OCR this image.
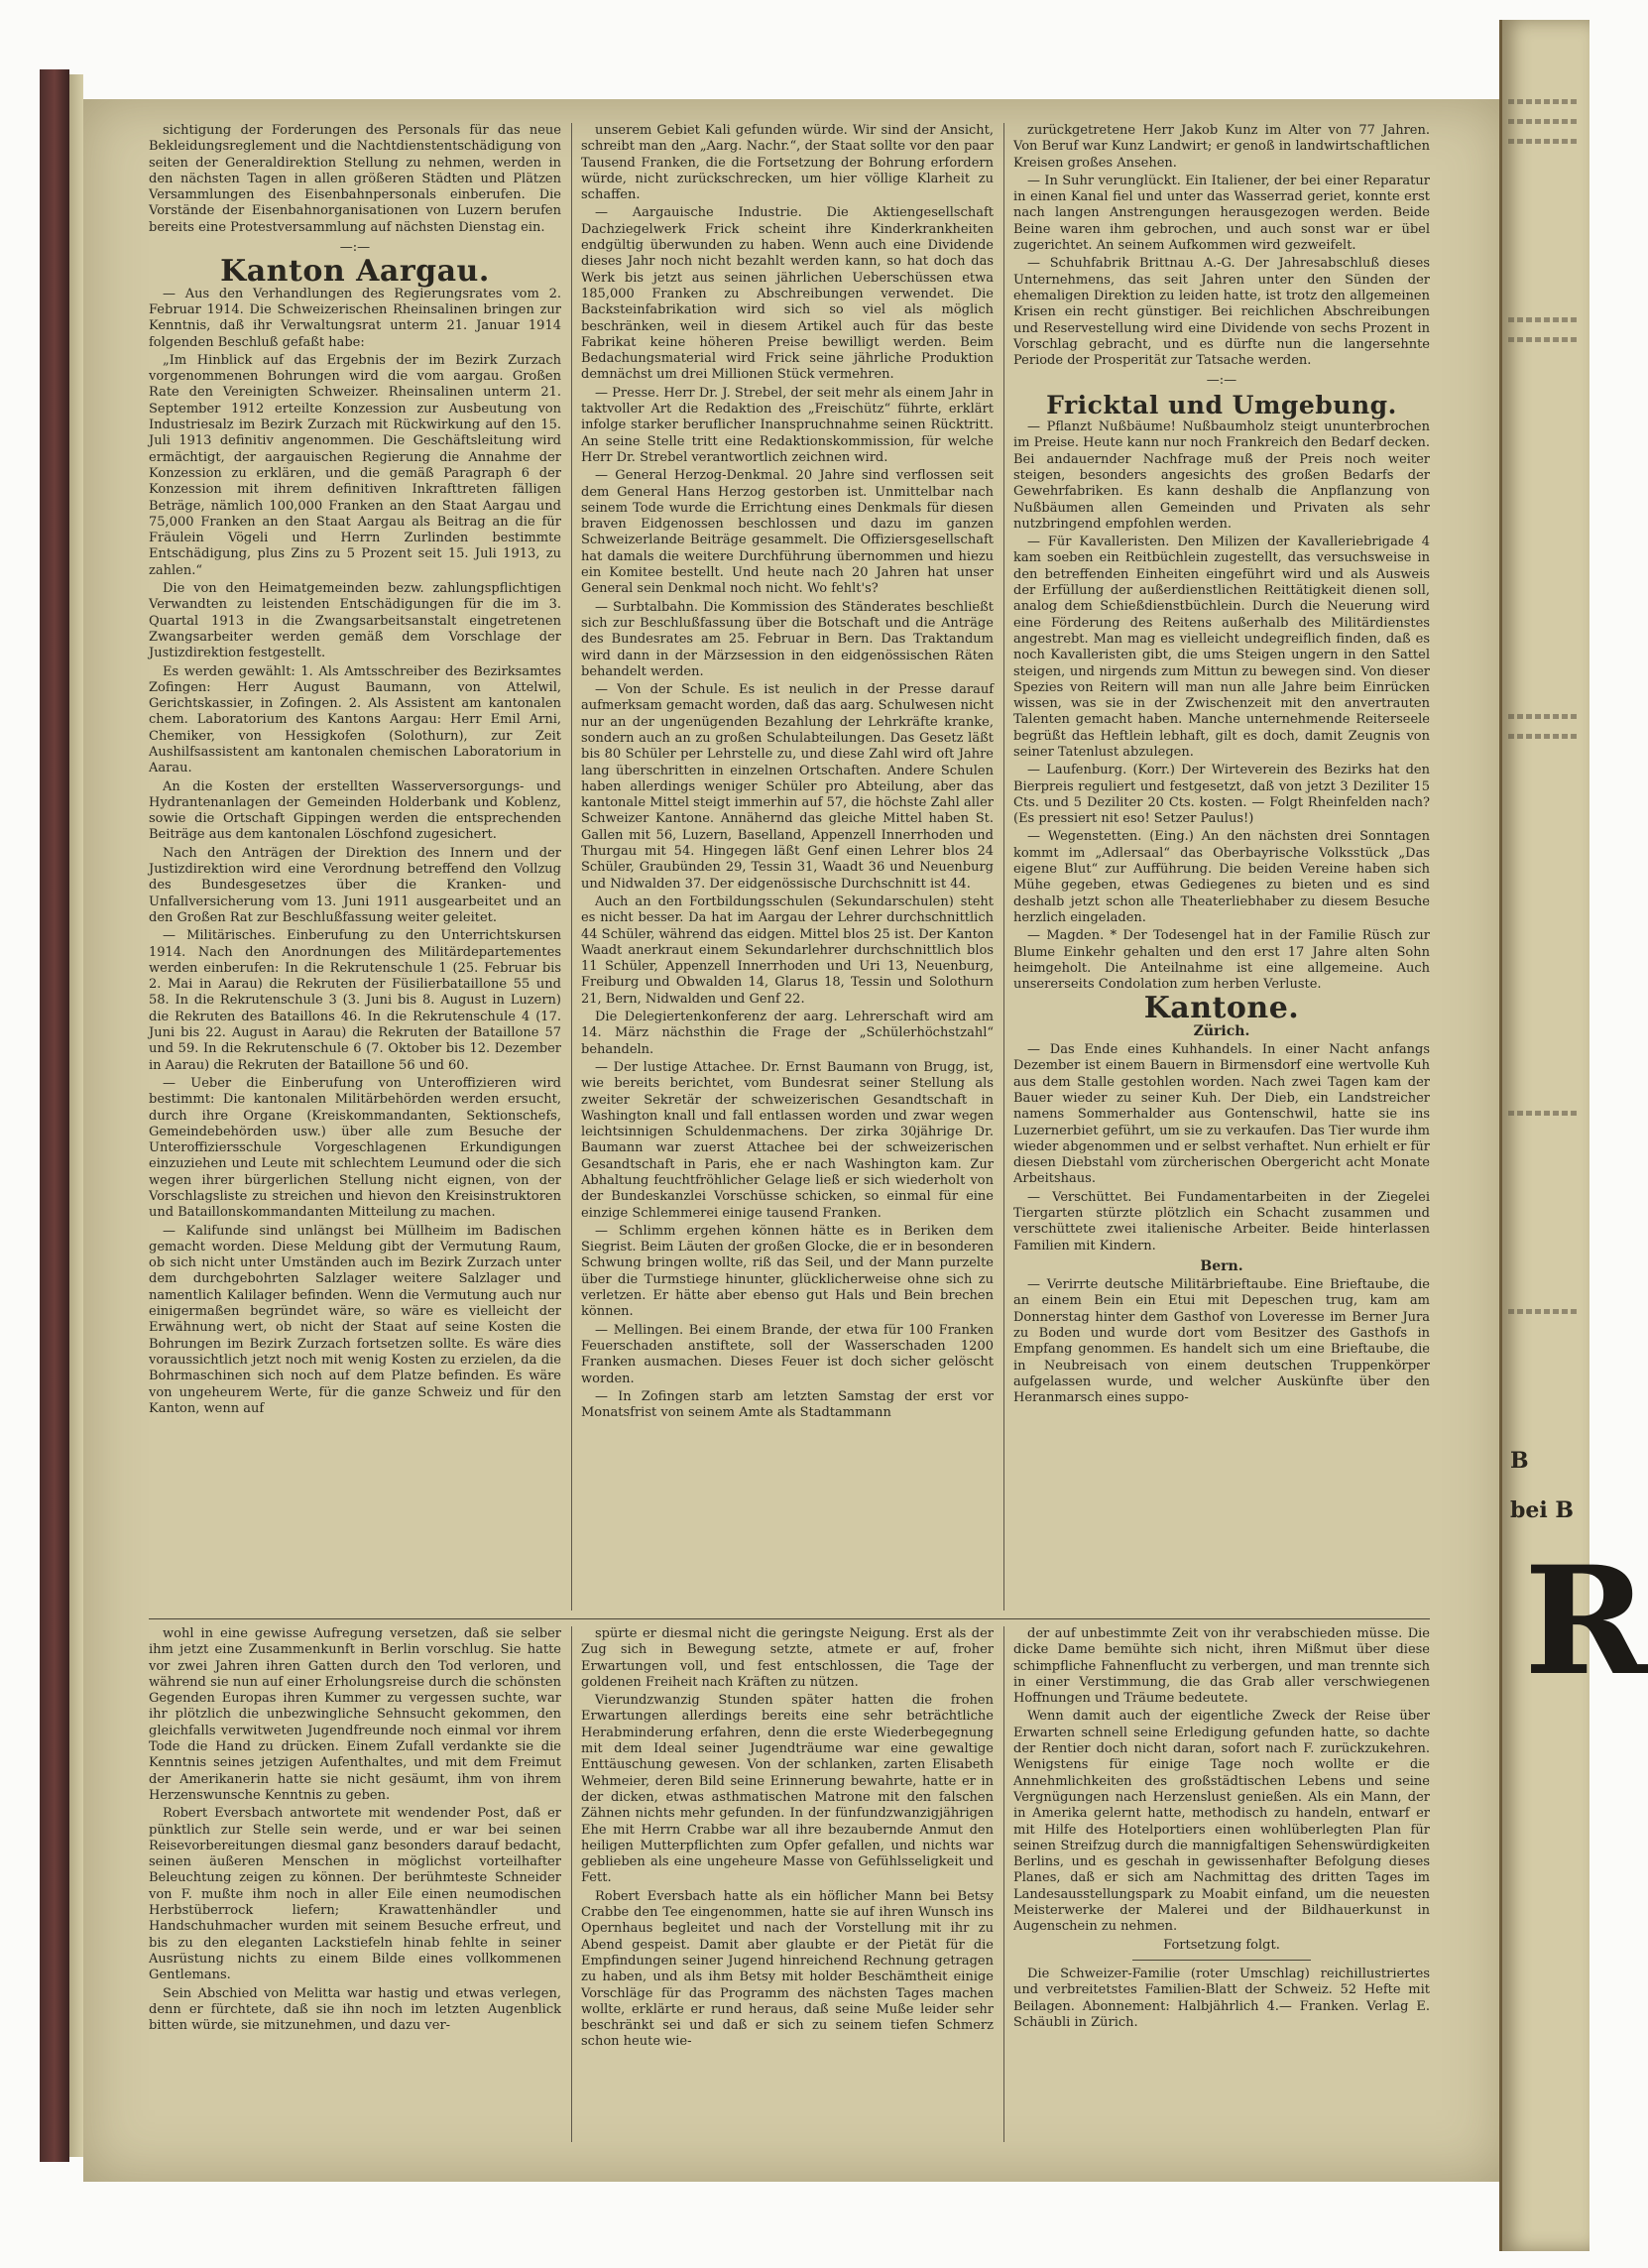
sichtigung der Forderungen des Personals für das neue Bekleidungsreglement und die Nachtdienstentschädigung von seiten der Generaldirektion Stellung zu nehmen, werden in den nächsten Tagen in allen größeren Städten und Plätzen Versammlungen des Eisenbahnpersonals einberufen. Die Vorstände der Eisenbahnorganisationen von Luzern berufen bereits eine Protestversammlung auf nächsten Dienstag ein.

—:—
Kanton Aargau.

— Aus den Verhandlungen des Regierungsrates vom 2. Februar 1914. Die Schweizerischen Rheinsalinen bringen zur Kenntnis, daß ihr Verwaltungsrat unterm 21. Januar 1914 folgenden Beschluß gefaßt habe:

„Im Hinblick auf das Ergebnis der im Bezirk Zurzach vorgenommenen Bohrungen wird die vom aargau. Großen Rate den Vereinigten Schweizer. Rheinsalinen unterm 21. September 1912 erteilte Konzession zur Ausbeutung von Industriesalz im Bezirk Zurzach mit Rückwirkung auf den 15. Juli 1913 definitiv angenommen. Die Geschäftsleitung wird ermächtigt, der aargauischen Regierung die Annahme der Konzession zu erklären, und die gemäß Paragraph 6 der Konzession mit ihrem definitiven Inkrafttreten fälligen Beträge, nämlich 100,000 Franken an den Staat Aargau und 75,000 Franken an den Staat Aargau als Beitrag an die für Fräulein Vögeli und Herrn Zurlinden bestimmte Entschädigung, plus Zins zu 5 Prozent seit 15. Juli 1913, zu zahlen.“

Die von den Heimatgemeinden bezw. zahlungspflichtigen Verwandten zu leistenden Entschädigungen für die im 3. Quartal 1913 in die Zwangsarbeitsanstalt eingetretenen Zwangsarbeiter werden gemäß dem Vorschlage der Justizdirektion festgestellt.

Es werden gewählt: 1. Als Amtsschreiber des Bezirksamtes Zofingen: Herr August Baumann, von Attelwil, Gerichtskassier, in Zofingen. 2. Als Assistent am kantonalen chem. Laboratorium des Kantons Aargau: Herr Emil Arni, Chemiker, von Hessigkofen (Solothurn), zur Zeit Aushilfsassistent am kantonalen chemischen Laboratorium in Aarau.

An die Kosten der erstellten Wasserversorgungs- und Hydrantenanlagen der Gemeinden Holderbank und Koblenz, sowie die Ortschaft Gippingen werden die entsprechenden Beiträge aus dem kantonalen Löschfond zugesichert.

Nach den Anträgen der Direktion des Innern und der Justizdirektion wird eine Verordnung betreffend den Vollzug des Bundesgesetzes über die Kranken- und Unfallversicherung vom 13. Juni 1911 ausgearbeitet und an den Großen Rat zur Beschlußfassung weiter geleitet.

— Militärisches. Einberufung zu den Unterrichtskursen 1914. Nach den Anordnungen des Militärdepartementes werden einberufen: In die Rekrutenschule 1 (25. Februar bis 2. Mai in Aarau) die Rekruten der Füsilierbataillone 55 und 58. In die Rekrutenschule 3 (3. Juni bis 8. August in Luzern) die Rekruten des Bataillons 46. In die Rekrutenschule 4 (17. Juni bis 22. August in Aarau) die Rekruten der Bataillone 57 und 59. In die Rekrutenschule 6 (7. Oktober bis 12. Dezember in Aarau) die Rekruten der Bataillone 56 und 60.

— Ueber die Einberufung von Unteroffizieren wird bestimmt: Die kantonalen Militärbehörden werden ersucht, durch ihre Organe (Kreiskommandanten, Sektionschefs, Gemeindebehörden usw.) über alle zum Besuche der Unteroffiziersschule Vorgeschlagenen Erkundigungen einzuziehen und Leute mit schlechtem Leumund oder die sich wegen ihrer bürgerlichen Stellung nicht eignen, von der Vorschlagsliste zu streichen und hievon den Kreisinstruktoren und Bataillonskommandanten Mitteilung zu machen.

— Kalifunde sind unlängst bei Müllheim im Badischen gemacht worden. Diese Meldung gibt der Vermutung Raum, ob sich nicht unter Umständen auch im Bezirk Zurzach unter dem durchgebohrten Salzlager weitere Salzlager und namentlich Kalilager befinden. Wenn die Vermutung auch nur einigermaßen begründet wäre, so wäre es vielleicht der Erwähnung wert, ob nicht der Staat auf seine Kosten die Bohrungen im Bezirk Zurzach fortsetzen sollte. Es wäre dies voraussichtlich jetzt noch mit wenig Kosten zu erzielen, da die Bohrmaschinen sich noch auf dem Platze befinden. Es wäre von ungeheurem Werte, für die ganze Schweiz und für den Kanton, wenn auf

unserem Gebiet Kali gefunden würde. Wir sind der Ansicht, schreibt man den „Aarg. Nachr.“, der Staat sollte vor den paar Tausend Franken, die die Fortsetzung der Bohrung erfordern würde, nicht zurückschrecken, um hier völlige Klarheit zu schaffen.

— Aargauische Industrie. Die Aktiengesellschaft Dachziegelwerk Frick scheint ihre Kinderkrankheiten endgültig überwunden zu haben. Wenn auch eine Dividende dieses Jahr noch nicht bezahlt werden kann, so hat doch das Werk bis jetzt aus seinen jährlichen Ueberschüssen etwa 185,000 Franken zu Abschreibungen verwendet. Die Backsteinfabrikation wird sich so viel als möglich beschränken, weil in diesem Artikel auch für das beste Fabrikat keine höheren Preise bewilligt werden. Beim Bedachungsmaterial wird Frick seine jährliche Produktion demnächst um drei Millionen Stück vermehren.

— Presse. Herr Dr. J. Strebel, der seit mehr als einem Jahr in taktvoller Art die Redaktion des „Freischütz“ führte, erklärt infolge starker beruflicher Inanspruchnahme seinen Rücktritt. An seine Stelle tritt eine Redaktionskommission, für welche Herr Dr. Strebel verantwortlich zeichnen wird.

— General Herzog-Denkmal. 20 Jahre sind verflossen seit dem General Hans Herzog gestorben ist. Unmittelbar nach seinem Tode wurde die Errichtung eines Denkmals für diesen braven Eidgenossen beschlossen und dazu im ganzen Schweizerlande Beiträge gesammelt. Die Offiziersgesellschaft hat damals die weitere Durchführung übernommen und hiezu ein Komitee bestellt. Und heute nach 20 Jahren hat unser General sein Denkmal noch nicht. Wo fehlt's?

— Surbtalbahn. Die Kommission des Ständerates beschließt sich zur Beschlußfassung über die Botschaft und die Anträge des Bundesrates am 25. Februar in Bern. Das Traktandum wird dann in der Märzsession in den eidgenössischen Räten behandelt werden.

— Von der Schule. Es ist neulich in der Presse darauf aufmerksam gemacht worden, daß das aarg. Schulwesen nicht nur an der ungenügenden Bezahlung der Lehrkräfte kranke, sondern auch an zu großen Schulabteilungen. Das Gesetz läßt bis 80 Schüler per Lehrstelle zu, und diese Zahl wird oft Jahre lang überschritten in einzelnen Ortschaften. Andere Schulen haben allerdings weniger Schüler pro Abteilung, aber das kantonale Mittel steigt immerhin auf 57, die höchste Zahl aller Schweizer Kantone. Annähernd das gleiche Mittel haben St. Gallen mit 56, Luzern, Baselland, Appenzell Innerrhoden und Thurgau mit 54. Hingegen läßt Genf einen Lehrer blos 24 Schüler, Graubünden 29, Tessin 31, Waadt 36 und Neuenburg und Nidwalden 37. Der eidgenössische Durchschnitt ist 44.

Auch an den Fortbildungsschulen (Sekundarschulen) steht es nicht besser. Da hat im Aargau der Lehrer durchschnittlich 44 Schüler, während das eidgen. Mittel blos 25 ist. Der Kanton Waadt anerkraut einem Sekundarlehrer durchschnittlich blos 11 Schüler, Appenzell Innerrhoden und Uri 13, Neuenburg, Freiburg und Obwalden 14, Glarus 18, Tessin und Solothurn 21, Bern, Nidwalden und Genf 22.

Die Delegiertenkonferenz der aarg. Lehrerschaft wird am 14. März nächsthin die Frage der „Schülerhöchstzahl“ behandeln.

— Der lustige Attachee. Dr. Ernst Baumann von Brugg, ist, wie bereits berichtet, vom Bundesrat seiner Stellung als zweiter Sekretär der schweizerischen Gesandtschaft in Washington knall und fall entlassen worden und zwar wegen leichtsinnigen Schuldenmachens. Der zirka 30jährige Dr. Baumann war zuerst Attachee bei der schweizerischen Gesandtschaft in Paris, ehe er nach Washington kam. Zur Abhaltung feuchtfröhlicher Gelage ließ er sich wiederholt von der Bundeskanzlei Vorschüsse schicken, so einmal für eine einzige Schlemmerei einige tausend Franken.

— Schlimm ergehen können hätte es in Beriken dem Siegrist. Beim Läuten der großen Glocke, die er in besonderen Schwung bringen wollte, riß das Seil, und der Mann purzelte über die Turmstiege hinunter, glücklicherweise ohne sich zu verletzen. Er hätte aber ebenso gut Hals und Bein brechen können.

— Mellingen. Bei einem Brande, der etwa für 100 Franken Feuerschaden anstiftete, soll der Wasserschaden 1200 Franken ausmachen. Dieses Feuer ist doch sicher gelöscht worden.

— In Zofingen starb am letzten Samstag der erst vor Monatsfrist von seinem Amte als Stadtammann

zurückgetretene Herr Jakob Kunz im Alter von 77 Jahren. Von Beruf war Kunz Landwirt; er genoß in landwirtschaftlichen Kreisen großes Ansehen.

— In Suhr verunglückt. Ein Italiener, der bei einer Reparatur in einen Kanal fiel und unter das Wasserrad geriet, konnte erst nach langen Anstrengungen herausgezogen werden. Beide Beine waren ihm gebrochen, und auch sonst war er übel zugerichtet. An seinem Aufkommen wird gezweifelt.

— Schuhfabrik Brittnau A.-G. Der Jahresabschluß dieses Unternehmens, das seit Jahren unter den Sünden der ehemaligen Direktion zu leiden hatte, ist trotz den allgemeinen Krisen ein recht günstiger. Bei reichlichen Abschreibungen und Reservestellung wird eine Dividende von sechs Prozent in Vorschlag gebracht, und es dürfte nun die langersehnte Periode der Prosperität zur Tatsache werden.

—:—
Fricktal und Umgebung.

— Pflanzt Nußbäume! Nußbaumholz steigt ununterbrochen im Preise. Heute kann nur noch Frankreich den Bedarf decken. Bei andauernder Nachfrage muß der Preis noch weiter steigen, besonders angesichts des großen Bedarfs der Gewehrfabriken. Es kann deshalb die Anpflanzung von Nußbäumen allen Gemeinden und Privaten als sehr nutzbringend empfohlen werden.

— Für Kavalleristen. Den Milizen der Kavalleriebrigade 4 kam soeben ein Reitbüchlein zugestellt, das versuchsweise in den betreffenden Einheiten eingeführt wird und als Ausweis der Erfüllung der außerdienstlichen Reittätigkeit dienen soll, analog dem Schießdienstbüchlein. Durch die Neuerung wird eine Förderung des Reitens außerhalb des Militärdienstes angestrebt. Man mag es vielleicht undegreiflich finden, daß es noch Kavalleristen gibt, die ums Steigen ungern in den Sattel steigen, und nirgends zum Mittun zu bewegen sind. Von dieser Spezies von Reitern will man nun alle Jahre beim Einrücken wissen, was sie in der Zwischenzeit mit den anvertrauten Talenten gemacht haben. Manche unternehmende Reiterseele begrüßt das Heftlein lebhaft, gilt es doch, damit Zeugnis von seiner Tatenlust abzulegen.

— Laufenburg. (Korr.) Der Wirteverein des Bezirks hat den Bierpreis reguliert und festgesetzt, daß von jetzt 3 Deziliter 15 Cts. und 5 Deziliter 20 Cts. kosten. — Folgt Rheinfelden nach? (Es pressiert nit eso! Setzer Paulus!)

— Wegenstetten. (Eing.) An den nächsten drei Sonntagen kommt im „Adlersaal“ das Oberbayrische Volksstück „Das eigene Blut“ zur Aufführung. Die beiden Vereine haben sich Mühe gegeben, etwas Gediegenes zu bieten und es sind deshalb jetzt schon alle Theaterliebhaber zu diesem Besuche herzlich eingeladen.

— Magden. * Der Todesengel hat in der Familie Rüsch zur Blume Einkehr gehalten und den erst 17 Jahre alten Sohn heimgeholt. Die Anteilnahme ist eine allgemeine. Auch unsererseits Condolation zum herben Verluste.

Kantone.
Zürich.

— Das Ende eines Kuhhandels. In einer Nacht anfangs Dezember ist einem Bauern in Birmensdorf eine wertvolle Kuh aus dem Stalle gestohlen worden. Nach zwei Tagen kam der Bauer wieder zu seiner Kuh. Der Dieb, ein Landstreicher namens Sommerhalder aus Gontenschwil, hatte sie ins Luzernerbiet geführt, um sie zu verkaufen. Das Tier wurde ihm wieder abgenommen und er selbst verhaftet. Nun erhielt er für diesen Diebstahl vom zürcherischen Obergericht acht Monate Arbeitshaus.

— Verschüttet. Bei Fundamentarbeiten in der Ziegelei Tiergarten stürzte plötzlich ein Schacht zusammen und verschüttete zwei italienische Arbeiter. Beide hinterlassen Familien mit Kindern.

Bern.

— Verirrte deutsche Militärbrieftaube. Eine Brieftaube, die an einem Bein ein Etui mit Depeschen trug, kam am Donnerstag hinter dem Gasthof von Loveresse im Berner Jura zu Boden und wurde dort vom Besitzer des Gasthofs in Empfang genommen. Es handelt sich um eine Brieftaube, die in Neubreisach von einem deutschen Truppenkörper aufgelassen wurde, und welcher Auskünfte über den Heranmarsch eines suppo-

wohl in eine gewisse Aufregung versetzen, daß sie selber ihm jetzt eine Zusammenkunft in Berlin vorschlug. Sie hatte vor zwei Jahren ihren Gatten durch den Tod verloren, und während sie nun auf einer Erholungsreise durch die schönsten Gegenden Europas ihren Kummer zu vergessen suchte, war ihr plötzlich die unbezwingliche Sehnsucht gekommen, den gleichfalls verwitweten Jugendfreunde noch einmal vor ihrem Tode die Hand zu drücken. Einem Zufall verdankte sie die Kenntnis seines jetzigen Aufenthaltes, und mit dem Freimut der Amerikanerin hatte sie nicht gesäumt, ihm von ihrem Herzenswunsche Kenntnis zu geben.

Robert Eversbach antwortete mit wendender Post, daß er pünktlich zur Stelle sein werde, und er war bei seinen Reisevorbereitungen diesmal ganz besonders darauf bedacht, seinen äußeren Menschen in möglichst vorteilhafter Beleuchtung zeigen zu können. Der berühmteste Schneider von F. mußte ihm noch in aller Eile einen neumodischen Herbstüberrock liefern; Krawattenhändler und Handschuhmacher wurden mit seinem Besuche erfreut, und bis zu den eleganten Lackstiefeln hinab fehlte in seiner Ausrüstung nichts zu einem Bilde eines vollkommenen Gentlemans.

Sein Abschied von Melitta war hastig und etwas verlegen, denn er fürchtete, daß sie ihn noch im letzten Augenblick bitten würde, sie mitzunehmen, und dazu ver-

spürte er diesmal nicht die geringste Neigung. Erst als der Zug sich in Bewegung setzte, atmete er auf, froher Erwartungen voll, und fest entschlossen, die Tage der goldenen Freiheit nach Kräften zu nützen.

Vierundzwanzig Stunden später hatten die frohen Erwartungen allerdings bereits eine sehr beträchtliche Herabminderung erfahren, denn die erste Wiederbegegnung mit dem Ideal seiner Jugendträume war eine gewaltige Enttäuschung gewesen. Von der schlanken, zarten Elisabeth Wehmeier, deren Bild seine Erinnerung bewahrte, hatte er in der dicken, etwas asthmatischen Matrone mit den falschen Zähnen nichts mehr gefunden. In der fünfundzwanzigjährigen Ehe mit Herrn Crabbe war all ihre bezaubernde Anmut den heiligen Mutterpflichten zum Opfer gefallen, und nichts war geblieben als eine ungeheure Masse von Gefühlsseligkeit und Fett.

Robert Eversbach hatte als ein höflicher Mann bei Betsy Crabbe den Tee eingenommen, hatte sie auf ihren Wunsch ins Opernhaus begleitet und nach der Vorstellung mit ihr zu Abend gespeist. Damit aber glaubte er der Pietät für die Empfindungen seiner Jugend hinreichend Rechnung getragen zu haben, und als ihm Betsy mit holder Beschämtheit einige Vorschläge für das Programm des nächsten Tages machen wollte, erklärte er rund heraus, daß seine Muße leider sehr beschränkt sei und daß er sich zu seinem tiefen Schmerz schon heute wie-

der auf unbestimmte Zeit von ihr verabschieden müsse. Die dicke Dame bemühte sich nicht, ihren Mißmut über diese schimpfliche Fahnenflucht zu verbergen, und man trennte sich in einer Verstimmung, die das Grab aller verschwiegenen Hoffnungen und Träume bedeutete.

Wenn damit auch der eigentliche Zweck der Reise über Erwarten schnell seine Erledigung gefunden hatte, so dachte der Rentier doch nicht daran, sofort nach F. zurückzukehren. Wenigstens für einige Tage noch wollte er die Annehmlichkeiten des großstädtischen Lebens und seine Vergnügungen nach Herzenslust genießen. Als ein Mann, der in Amerika gelernt hatte, methodisch zu handeln, entwarf er mit Hilfe des Hotelportiers einen wohlüberlegten Plan für seinen Streifzug durch die mannigfaltigen Sehenswürdigkeiten Berlins, und es geschah in gewissenhafter Befolgung dieses Planes, daß er sich am Nachmittag des dritten Tages im Landesausstellungspark zu Moabit einfand, um die neuesten Meisterwerke der Malerei und der Bildhauerkunst in Augenschein zu nehmen.

Fortsetzung folgt.

Die Schweizer-Familie (roter Umschlag) reichillustriertes und verbreitetstes Familien-Blatt der Schweiz. 52 Hefte mit Beilagen. Abonnement: Halbjährlich 4.— Franken. Verlag E. Schäubli in Zürich.

B
bei B
R
